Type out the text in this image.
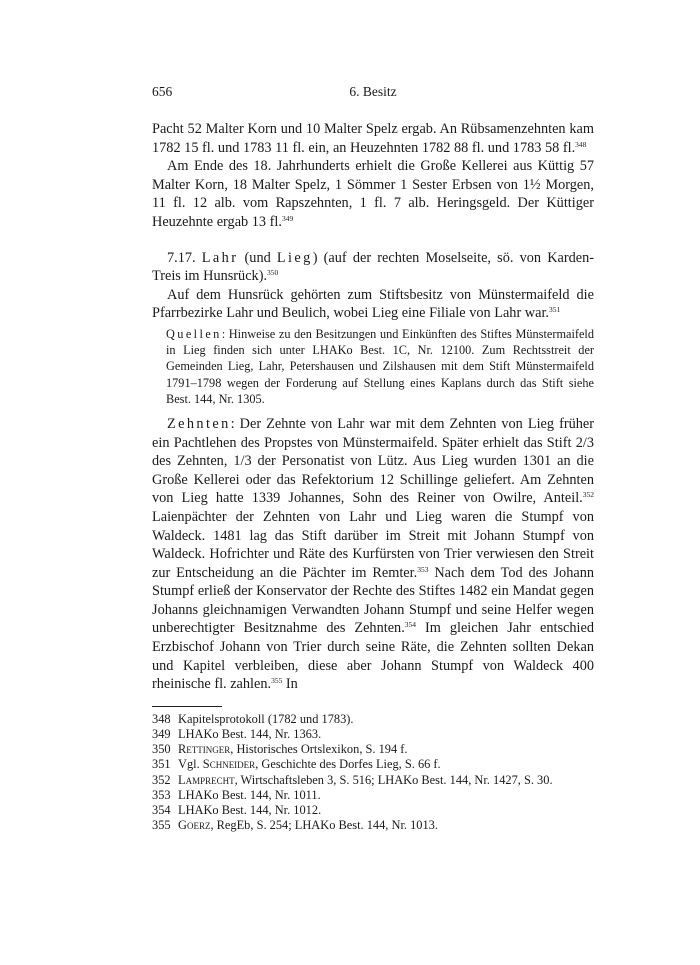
656	6. Besitz

Pacht 52 Malter Korn und 10 Malter Spelz ergab. An Rübsamenzehnten kam 1782 15 fl. und 1783 11 fl. ein, an Heuzehnten 1782 88 fl. und 1783 58 fl.$^{348}$

Am Ende des 18. Jahrhunderts erhielt die Große Kellerei aus Küttig 57 Malter Korn, 18 Malter Spelz, 1 Sömmer 1 Sester Erbsen von 1½ Morgen, 11 fl. 12 alb. vom Rapszehnten, 1 fl. 7 alb. Heringsgeld. Der Küttiger Heuzehnte ergab 13 fl.$^{349}$

7.17. Lahr (und Lieg) (auf der rechten Moselseite, sö. von Karden-Treis im Hunsrück).$^{350}$

Auf dem Hunsrück gehörten zum Stiftsbesitz von Münstermaifeld die Pfarrbezirke Lahr und Beulich, wobei Lieg eine Filiale von Lahr war.$^{351}$

Quellen: Hinweise zu den Besitzungen und Einkünften des Stiftes Münstermaifeld in Lieg finden sich unter LHAKo Best. 1C, Nr. 12100. Zum Rechtsstreit der Gemeinden Lieg, Lahr, Petershausen und Zilshausen mit dem Stift Münstermaifeld 1791–1798 wegen der Forderung auf Stellung eines Kaplans durch das Stift siehe Best. 144, Nr. 1305.

Zehnten: Der Zehnte von Lahr war mit dem Zehnten von Lieg früher ein Pachtlehen des Propstes von Münstermaifeld. Später erhielt das Stift 2/3 des Zehnten, 1/3 der Personatist von Lütz. Aus Lieg wurden 1301 an die Große Kellerei oder das Refektorium 12 Schillinge geliefert. Am Zehnten von Lieg hatte 1339 Johannes, Sohn des Reiner von Owilre, Anteil.$^{352}$ Laienpächter der Zehnten von Lahr und Lieg waren die Stumpf von Waldeck. 1481 lag das Stift darüber im Streit mit Johann Stumpf von Waldeck. Hofrichter und Räte des Kurfürsten von Trier verwiesen den Streit zur Entscheidung an die Pächter im Remter.$^{353}$ Nach dem Tod des Johann Stumpf erließ der Konservator der Rechte des Stiftes 1482 ein Mandat gegen Johanns gleichnamigen Verwandten Johann Stumpf und seine Helfer wegen unberechtigter Besitznahme des Zehnten.$^{354}$ Im gleichen Jahr entschied Erzbischof Johann von Trier durch seine Räte, die Zehnten sollten Dekan und Kapitel verbleiben, diese aber Johann Stumpf von Waldeck 400 rheinische fl. zahlen.$^{355}$ In

348 Kapitelsprotokoll (1782 und 1783).
349 LHAKo Best. 144, Nr. 1363.
350 Rettinger, Historisches Ortslexikon, S. 194 f.
351 Vgl. Schneider, Geschichte des Dorfes Lieg, S. 66 f.
352 Lamprecht, Wirtschaftsleben 3, S. 516; LHAKo Best. 144, Nr. 1427, S. 30.
353 LHAKo Best. 144, Nr. 1011.
354 LHAKo Best. 144, Nr. 1012.
355 Goerz, RegEb, S. 254; LHAKo Best. 144, Nr. 1013.
